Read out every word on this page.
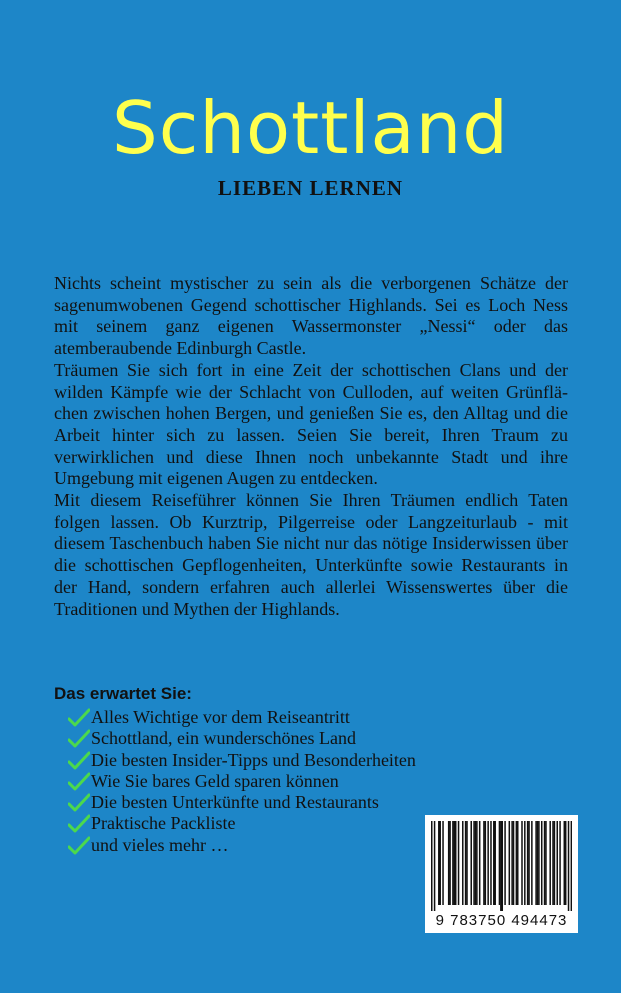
Schottland
LIEBEN LERNEN

Nichts scheint mystischer zu sein als die verborgenen Schätze der sagenumwobenen Gegend schottischer Highlands. Sei es Loch Ness mit seinem ganz eigenen Wassermonster „Nessi“ oder das atemberaubende Edinburgh Castle.

Träumen Sie sich fort in eine Zeit der schottischen Clans und der wilden Kämpfe wie der Schlacht von Culloden, auf weiten Grünflächen zwischen hohen Bergen, und genießen Sie es, den Alltag und die Arbeit hinter sich zu lassen. Seien Sie bereit, Ihren Traum zu verwirklichen und diese Ihnen noch unbekannte Stadt und ihre Umgebung mit eigenen Augen zu entdecken.

Mit diesem Reiseführer können Sie Ihren Träumen endlich Taten folgen lassen. Ob Kurztrip, Pilgerreise oder Langzeiturlaub - mit diesem Taschenbuch haben Sie nicht nur das nötige Insiderwissen über die schottischen Gepflogenheiten, Unterkünfte sowie Restaurants in der Hand, sondern erfahren auch allerlei Wissenswertes über die Traditionen und Mythen der Highlands.

Das erwartet Sie:
Alles Wichtige vor dem Reiseantritt
Schottland, ein wunderschönes Land
Die besten Insider-Tipps und Besonderheiten
Wie Sie bares Geld sparen können
Die besten Unterkünfte und Restaurants
Praktische Packliste
und vieles mehr …
9 783750 494473
